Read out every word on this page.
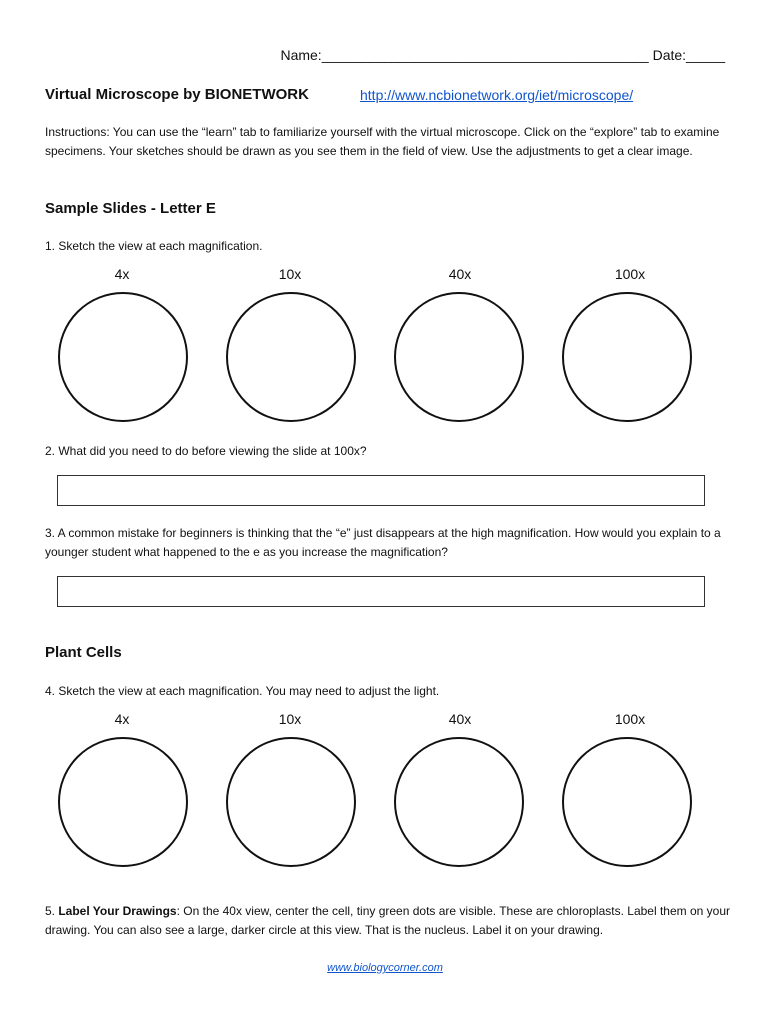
Name:__________________________________________ Date:_____
Virtual Microscope by BIONETWORK	http://www.ncbionetwork.org/iet/microscope/
Instructions: You can use the “learn” tab to familiarize yourself with the virtual microscope. Click on the “explore” tab to examine specimens. Your sketches should be drawn as you see them in the field of view. Use the adjustments to get a clear image.
Sample Slides - Letter E
1. Sketch the view at each magnification.
4x	10x	40x	100x
2. What did you need to do before viewing the slide at 100x?
3. A common mistake for beginners is thinking that the “e” just disappears at the high magnification. How would you explain to a younger student what happened to the e as you increase the magnification?
Plant Cells
4. Sketch the view at each magnification. You may need to adjust the light.
4x	10x	40x	100x
5. Label Your Drawings: On the 40x view, center the cell, tiny green dots are visible. These are chloroplasts. Label them on your drawing. You can also see a large, darker circle at this view. That is the nucleus. Label it on your drawing.
www.biologycorner.com
